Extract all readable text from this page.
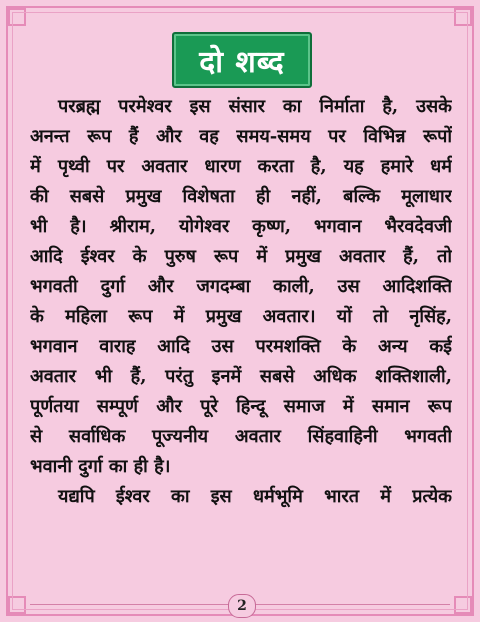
दो शब्द
परब्रह्म परमेश्वर इस संसार का निर्माता है, उसके
अनन्त रूप हैं और वह समय-समय पर विभिन्न रूपों
में पृथ्वी पर अवतार धारण करता है, यह हमारे धर्म
की सबसे प्रमुख विशेषता ही नहीं, बल्कि मूलाधार
भी है। श्रीराम, योगेश्वर कृष्ण, भगवान भैरवदेवजी
आदि ईश्वर के पुरुष रूप में प्रमुख अवतार हैं, तो
भगवती दुर्गा और जगदम्बा काली, उस आदिशक्ति
के महिला रूप में प्रमुख अवतार। यों तो नृसिंह,
भगवान वाराह आदि उस परमशक्ति के अन्य कई
अवतार भी हैं, परंतु इनमें सबसे अधिक शक्तिशाली,
पूर्णतया सम्पूर्ण और पूरे हिन्दू समाज में समान रूप
से सर्वाधिक पूज्यनीय अवतार सिंहवाहिनी भगवती
भवानी दुर्गा का ही है।
यद्यपि ईश्वर का इस धर्मभूमि भारत में प्रत्येक
2
